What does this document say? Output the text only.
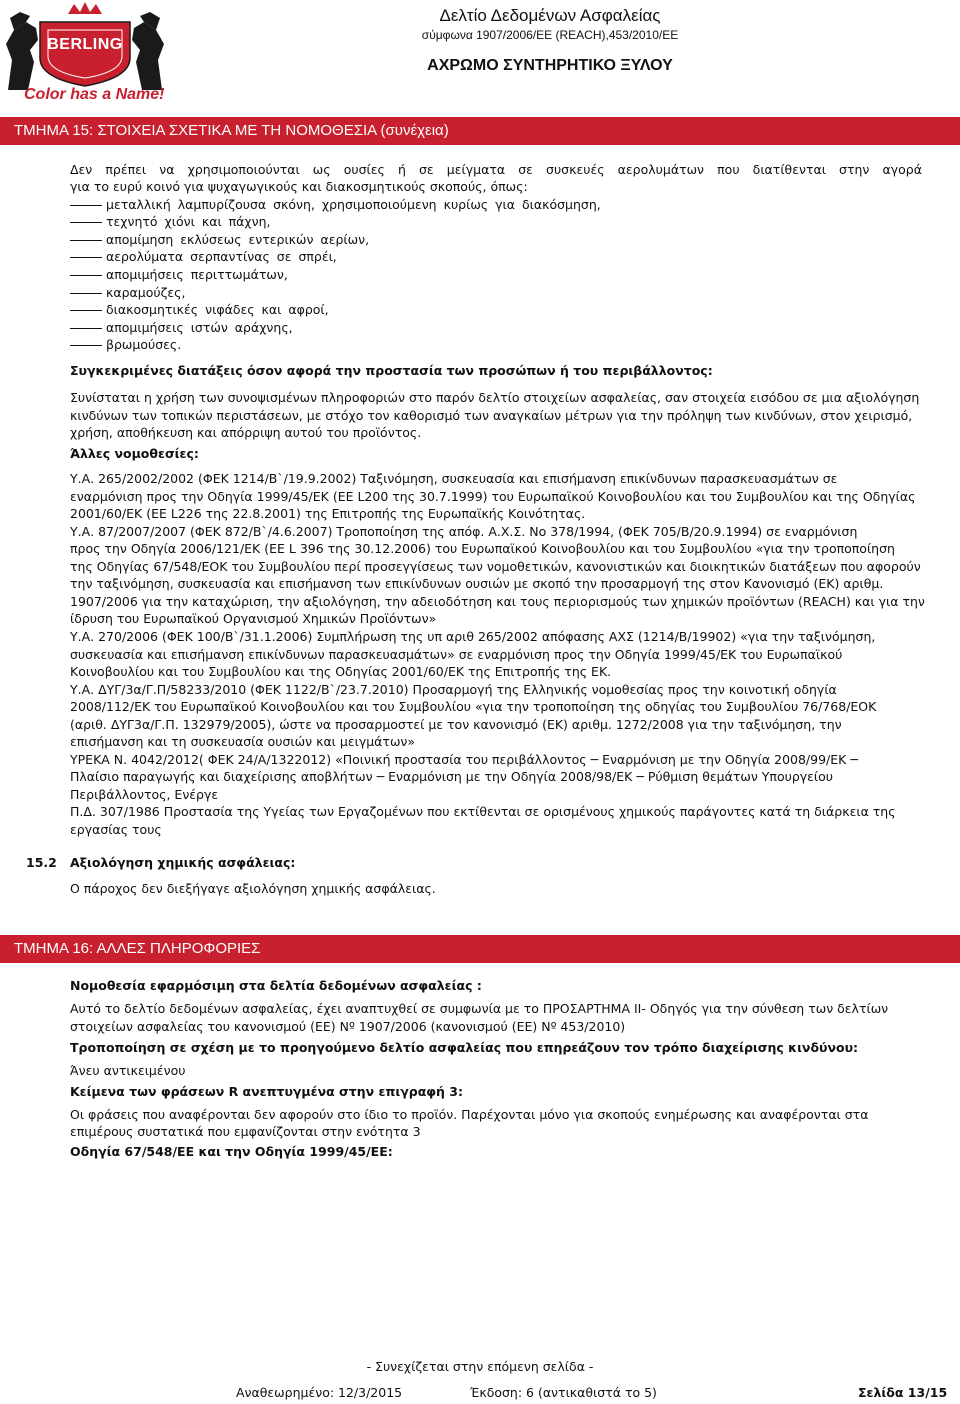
BERLING
Color has a Name!
Δελτίο Δεδομένων Ασφαλείας
σύμφωνα 1907/2006/ΕΕ (REACH),453/2010/ΕΕ
ΑΧΡΩΜΟ ΣΥΝΤΗΡΗΤΙΚΟ ΞΥΛΟΥ
ΤΜΗΜΑ 15: ΣΤΟΙΧΕΙΑ ΣΧΕΤΙΚΑ ΜΕ ΤΗ ΝΟΜΟΘΕΣΙΑ (συνέχεια)
Δεν πρέπει να χρησιμοποιούνται ως ουσίες ή σε μείγματα σε συσκευές αερολυμάτων που διατίθενται στην αγορά
για το ευρύ κοινό για ψυχαγωγικούς και διακοσμητικούς σκοπούς, όπως:
μεταλλική λαμπυρίζουσα σκόνη, χρησιμοποιούμενη κυρίως για διακόσμηση,
τεχνητό χιόνι και πάχνη,
απομίμηση εκλύσεως εντερικών αερίων,
αερολύματα σερπαντίνας σε σπρέι,
απομιμήσεις περιττωμάτων,
καραμούζες,
διακοσμητικές νιφάδες και αφροί,
απομιμήσεις ιστών αράχνης,
βρωμούσες.
Συγκεκριμένες διατάξεις όσον αφορά την προστασία των προσώπων ή του περιβάλλοντος:
Συνίσταται η χρήση των συνοψισμένων πληροφοριών στο παρόν δελτίο στοιχείων ασφαλείας, σαν στοιχεία εισόδου σε μια αξιολόγηση
κινδύνων των τοπικών περιστάσεων, με στόχο τον καθορισμό των αναγκαίων μέτρων για την πρόληψη των κινδύνων, στον χειρισμό,
χρήση, αποθήκευση και απόρριψη αυτού του προϊόντος.
Άλλες νομοθεσίες:
Υ.Α. 265/2002/2002 (ΦΕΚ 1214/Β`/19.9.2002) Ταξινόμηση, συσκευασία και επισήμανση επικίνδυνων παρασκευασμάτων σε
εναρμόνιση προς την Οδηγία 1999/45/ΕΚ (ΕΕ L200 της 30.7.1999) του Ευρωπαϊκού Κοινοβουλίου και του Συμβουλίου και της Οδηγίας
2001/60/ΕΚ (ΕΕ L226 της 22.8.2001) της Επιτροπής της Ευρωπαϊκής Κοινότητας.
Υ.Α. 87/2007/2007 (ΦΕΚ 872/Β`/4.6.2007) Τροποποίηση της απόφ. Α.Χ.Σ. Νο 378/1994, (ΦΕΚ 705/Β/20.9.1994) σε εναρμόνιση
προς την Οδηγία 2006/121/ΕΚ (ΕΕ L 396 της 30.12.2006) του Ευρωπαϊκού Κοινοβουλίου και του Συμβουλίου «για την τροποποίηση
της Οδηγίας 67/548/ΕΟΚ του Συμβουλίου περί προσεγγίσεως των νομοθετικών, κανονιστικών και διοικητικών διατάξεων που αφορούν
την ταξινόμηση, συσκευασία και επισήμανση των επικίνδυνων ουσιών με σκοπό την προσαρμογή της στον Κανονισμό (ΕΚ) αριθμ.
1907/2006 για την καταχώριση, την αξιολόγηση, την αδειοδότηση και τους περιορισμούς των χημικών προϊόντων (REACH) και για την
ίδρυση του Ευρωπαϊκού Οργανισμού Χημικών Προϊόντων»
Υ.Α. 270/2006 (ΦΕΚ 100/Β`/31.1.2006) Συμπλήρωση της υπ αριθ 265/2002 απόφασης ΑΧΣ (1214/Β/19902) «για την ταξινόμηση,
συσκευασία και επισήμανση επικίνδυνων παρασκευασμάτων» σε εναρμόνιση προς την Οδηγία 1999/45/ΕΚ του Ευρωπαϊκού
Κοινοβουλίου και του Συμβουλίου και της Οδηγίας 2001/60/ΕΚ της Επιτροπής της ΕΚ.
Υ.Α. ΔΥΓ/3α/Γ.Π/58233/2010 (ΦΕΚ 1122/Β`/23.7.2010) Προσαρμογή της Ελληνικής νομοθεσίας προς την κοινοτική οδηγία
2008/112/ΕΚ του Ευρωπαϊκού Κοινοβουλίου και του Συμβουλίου «για την τροποποίηση της οδηγίας του Συμβουλίου 76/768/ΕΟΚ
(αριθ. ΔΥΓ3α/Γ.Π. 132979/2005), ώστε να προσαρμοστεί με τον κανονισμό (ΕΚ) αριθμ. 1272/2008 για την ταξινόμηση, την
επισήμανση και τη συσκευασία ουσιών και μειγμάτων»
ΥΡΕΚΑ Ν. 4042/2012( ΦΕΚ 24/Α/1322012) «Ποινική προστασία του περιβάλλοντος ─ Εναρμόνιση με την Οδηγία 2008/99/ΕΚ ─
Πλαίσιο παραγωγής και διαχείρισης αποβλήτων ─ Εναρμόνιση με την Οδηγία 2008/98/ΕΚ ─ Ρύθμιση θεμάτων Υπουργείου
Περιβάλλοντος, Ενέργε
Π.Δ. 307/1986 Προστασία της Υγείας των Εργαζομένων που εκτίθενται σε ορισμένους χημικούς παράγοντες κατά τη διάρκεια της
εργασίας τους
15.2 Αξιολόγηση χημικής ασφάλειας:
Ο πάροχος δεν διεξήγαγε αξιολόγηση χημικής ασφάλειας.
ΤΜΗΜΑ 16: ΑΛΛΕΣ ΠΛΗΡΟΦΟΡΙΕΣ
Νομοθεσία εφαρμόσιμη στα δελτία δεδομένων ασφαλείας :
Αυτό το δελτίο δεδομένων ασφαλείας, έχει αναπτυχθεί σε συμφωνία με το ΠΡΟΣΑΡΤΗΜΑ II- Οδηγός για την σύνθεση των δελτίων
στοιχείων ασφαλείας του κανονισμού (ΕΕ) Nº 1907/2006 (κανονισμού (ΕΕ) Nº 453/2010)
Τροποποίηση σε σχέση με το προηγούμενο δελτίο ασφαλείας που επηρεάζουν τον τρόπο διαχείρισης κινδύνου:
Άνευ αντικειμένου
Κείμενα των φράσεων R ανεπτυγμένα στην επιγραφή 3:
Οι φράσεις που αναφέρονται δεν αφορούν στο ίδιο το προϊόν. Παρέχονται μόνο για σκοπούς ενημέρωσης και αναφέρονται στα
επιμέρους συστατικά που εμφανίζονται στην ενότητα 3
Οδηγία 67/548/ΕΕ και την Οδηγία 1999/45/ΕΕ:
- Συνεχίζεται στην επόμενη σελίδα -
Αναθεωρημένο: 12/3/2015	Έκδοση: 6 (αντικαθιστά το 5)	Σελίδα 13/15
